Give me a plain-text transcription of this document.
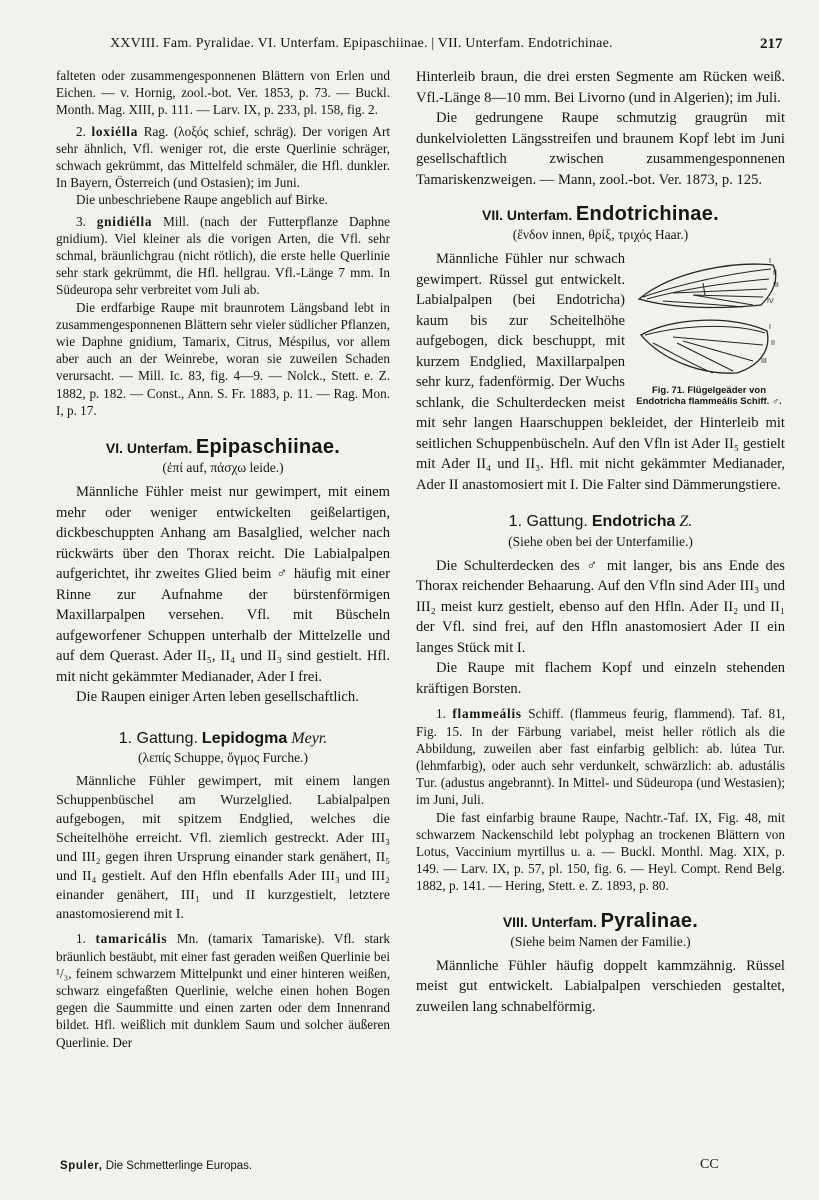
XXVIII. Fam. Pyralidae. VI. Unterfam. Epipaschiinae. | VII. Unterfam. Endotrichinae.	217

falteten oder zusammengesponnenen Blättern von Erlen und Eichen. — v. Hornig, zool.-bot. Ver. 1853, p. 73. — Buckl. Month. Mag. XIII, p. 111. — Larv. IX, p. 233, pl. 158, fig. 2.

2. loxiélla Rag. (λοξός schief, schräg). Der vorigen Art sehr ähnlich, Vfl. weniger rot, die erste Querlinie schräger, schwach gekrümmt, das Mittelfeld schmäler, die Hfl. dunkler. In Bayern, Österreich (und Ostasien); im Juni.

Die unbeschriebene Raupe angeblich auf Birke.

3. gnidiélla Mill. (nach der Futterpflanze Daphne gnidium). Viel kleiner als die vorigen Arten, die Vfl. sehr schmal, bräunlichgrau (nicht rötlich), die erste helle Querlinie sehr stark gekrümmt, die Hfl. hellgrau. Vfl.-Länge 7 mm. In Südeuropa sehr verbreitet vom Juli ab.

Die erdfarbige Raupe mit braunrotem Längsband lebt in zusammengesponnenen Blättern sehr vieler südlicher Pflanzen, wie Daphne gnidium, Tamarix, Citrus, Méspilus, vor allem aber auch an der Weinrebe, woran sie zuweilen Schaden verursacht. — Mill. Ic. 83, fig. 4—9. — Nolck., Stett. e. Z. 1882, p. 182. — Const., Ann. S. Fr. 1883, p. 11. — Rag. Mon. I, p. 17.

VI. Unterfam. Epipaschiinae.
(ἐπί auf, πάσχω leide.)

Männliche Fühler meist nur gewimpert, mit einem mehr oder weniger entwickelten geißelartigen, dickbeschuppten Anhang am Basalglied, welcher nach rückwärts über den Thorax reicht. Die Labialpalpen aufgerichtet, ihr zweites Glied beim ♂ häufig mit einer Rinne zur Aufnahme der bürstenförmigen Maxillarpalpen versehen. Vfl. mit Büscheln aufgeworfener Schuppen unterhalb der Mittelzelle und auf dem Querast. Ader II₅, II₄ und II₃ sind gestielt. Hfl. mit nicht gekämmter Medianader, Ader I frei.

Die Raupen einiger Arten leben gesellschaftlich.

1. Gattung. Lepidogma Meyr.
(λεπίς Schuppe, ὄγμος Furche.)

Männliche Fühler gewimpert, mit einem langen Schuppenbüschel am Wurzelglied. Labialpalpen aufgebogen, mit spitzem Endglied, welches die Scheitelhöhe erreicht. Vfl. ziemlich gestreckt. Ader III₃ und III₂ gegen ihren Ursprung einander stark genähert, II₅ und II₄ gestielt. Auf den Hfln ebenfalls Ader III₃ und III₂ einander genähert, III₁ und II kurzgestielt, letztere anastomosierend mit I.

1. tamaricális Mn. (tamarix Tamariske). Vfl. stark bräunlich bestäubt, mit einer fast geraden weißen Querlinie bei ¹/₃, feinem schwarzem Mittelpunkt und einer hinteren weißen, schwarz eingefaßten Querlinie, welche einen hohen Bogen gegen die Saummitte und einen zarten oder dem Innenrand bildet. Hfl. weißlich mit dunklem Saum und solcher äußeren Querlinie. Der

Hinterleib braun, die drei ersten Segmente am Rücken weiß. Vfl.-Länge 8—10 mm. Bei Livorno (und in Algerien); im Juli.

Die gedrungene Raupe schmutzig graugrün mit dunkelvioletten Längsstreifen und braunem Kopf lebt im Juni gesellschaftlich zwischen zusammengesponnenen Tamariskenzweigen. — Mann, zool.-bot. Ver. 1873, p. 125.

VII. Unterfam. Endotrichinae.
(ἔνδον innen, θρίξ, τριχός Haar.)
I
II
III
IV
I
II
III
Fig. 71. Flügelgeäder von Endotricha flammeális Schiff. ♂.

Männliche Fühler nur schwach gewimpert. Rüssel gut entwickelt. Labialpalpen (bei Endotricha) kaum bis zur Scheitelhöhe aufgebogen, dick beschuppt, mit kurzem Endglied, Maxillarpalpen sehr kurz, fadenförmig. Der Wuchs schlank, die Schulterdecken meist mit sehr langen Haarschuppen bekleidet, der Hinterleib mit seitlichen Schuppenbüscheln. Auf den Vfln ist Ader II₅ gestielt mit Ader II₄ und II₃. Hfl. mit nicht gekämmter Medianader, Ader II anastomosiert mit I. Die Falter sind Dämmerungstiere.

1. Gattung. Endotricha Z.
(Siehe oben bei der Unterfamilie.)

Die Schulterdecken des ♂ mit langer, bis ans Ende des Thorax reichender Behaarung. Auf den Vfln sind Ader III₃ und III₂ meist kurz gestielt, ebenso auf den Hfln. Ader II₂ und II₁ der Vfl. sind frei, auf den Hfln anastomosiert Ader II ein langes Stück mit I.

Die Raupe mit flachem Kopf und einzeln stehenden kräftigen Borsten.

1. flammeális Schiff. (flammeus feurig, flammend). Taf. 81, Fig. 15. In der Färbung variabel, meist heller rötlich als die Abbildung, zuweilen aber fast einfarbig gelblich: ab. lútea Tur. (lehmfarbig), oder auch sehr verdunkelt, schwärzlich: ab. adustális Tur. (adustus angebrannt). In Mittel- und Südeuropa (und Westasien); im Juni, Juli.

Die fast einfarbig braune Raupe, Nachtr.-Taf. IX, Fig. 48, mit schwarzem Nackenschild lebt polyphag an trockenen Blättern von Lotus, Vaccinium myrtillus u. a. — Buckl. Monthl. Mag. XIX, p. 149. — Larv. IX, p. 57, pl. 150, fig. 6. — Heyl. Compt. Rend Belg. 1882, p. 141. — Hering, Stett. e. Z. 1893, p. 80.

VIII. Unterfam. Pyralinae.
(Siehe beim Namen der Familie.)

Männliche Fühler häufig doppelt kammzähnig. Rüssel meist gut entwickelt. Labialpalpen verschieden gestaltet, zuweilen lang schnabelförmig.

Spuler, Die Schmetterlinge Europas.	CC
